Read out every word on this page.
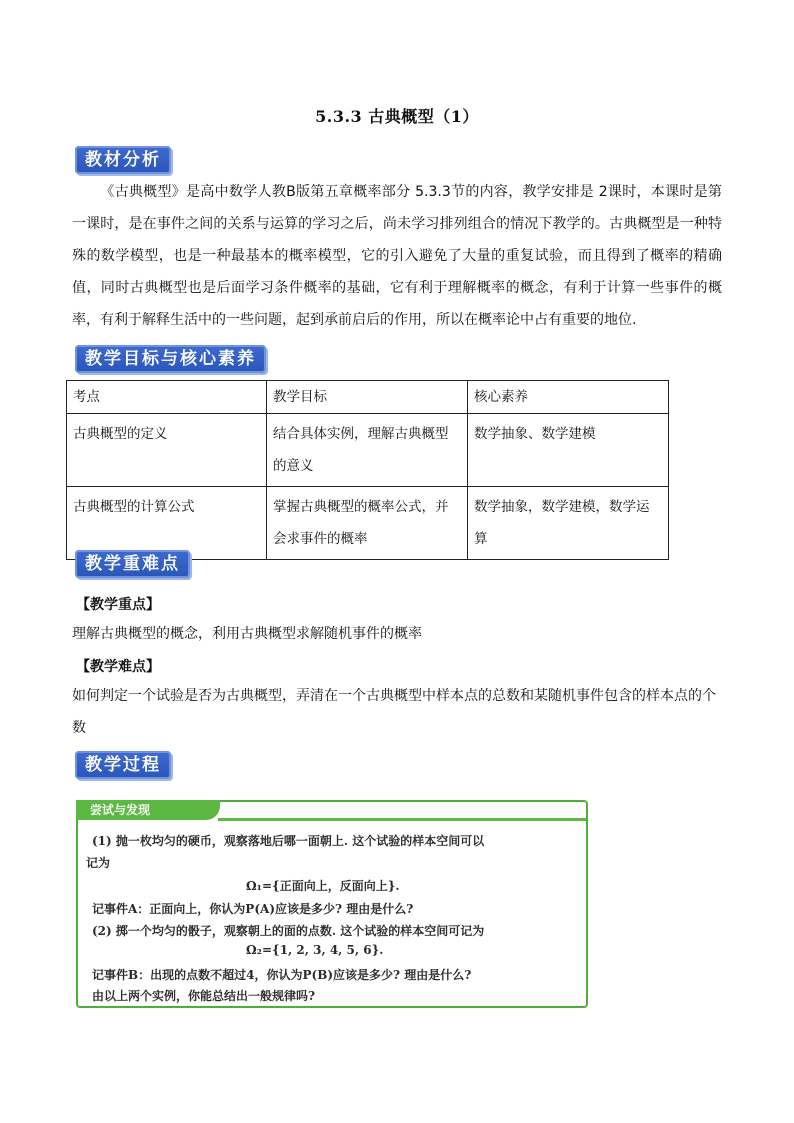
5.3.3 古典概型（1）
教材分析
《古典概型》是高中数学人教B版第五章概率部分 5.3.3节的内容，教学安排是 2课时，本课时是第一课时，是在事件之间的关系与运算的学习之后，尚未学习排列组合的情况下教学的。古典概型是一种特殊的数学模型，也是一种最基本的概率模型，它的引入避免了大量的重复试验，而且得到了概率的精确值，同时古典概型也是后面学习条件概率的基础，它有利于理解概率的概念，有利于计算一些事件的概率，有利于解释生活中的一些问题，起到承前启后的作用，所以在概率论中占有重要的地位.
教学目标与核心素养
考点	教学目标	核心素养
古典概型的定义	结合具体实例，理解古典概型的意义	数学抽象、数学建模
古典概型的计算公式	掌握古典概型的概率公式，并会求事件的概率	数学抽象，数学建模，数学运算
教学重难点
【教学重点】
理解古典概型的概念，利用古典概型求解随机事件的概率
【教学难点】
如何判定一个试验是否为古典概型，弄清在一个古典概型中样本点的总数和某随机事件包含的样本点的个数
教学过程
尝试与发现
(1) 抛一枚均匀的硬币，观察落地后哪一面朝上. 这个试验的样本空间可以
记为
Ω₁={正面向上，反面向上}.
记事件A：正面向上，你认为P(A)应该是多少? 理由是什么?
(2) 掷一个均匀的骰子，观察朝上的面的点数. 这个试验的样本空间可记为
Ω₂={1, 2, 3, 4, 5, 6}.
记事件B：出现的点数不超过4，你认为P(B)应该是多少? 理由是什么?
由以上两个实例，你能总结出一般规律吗?
